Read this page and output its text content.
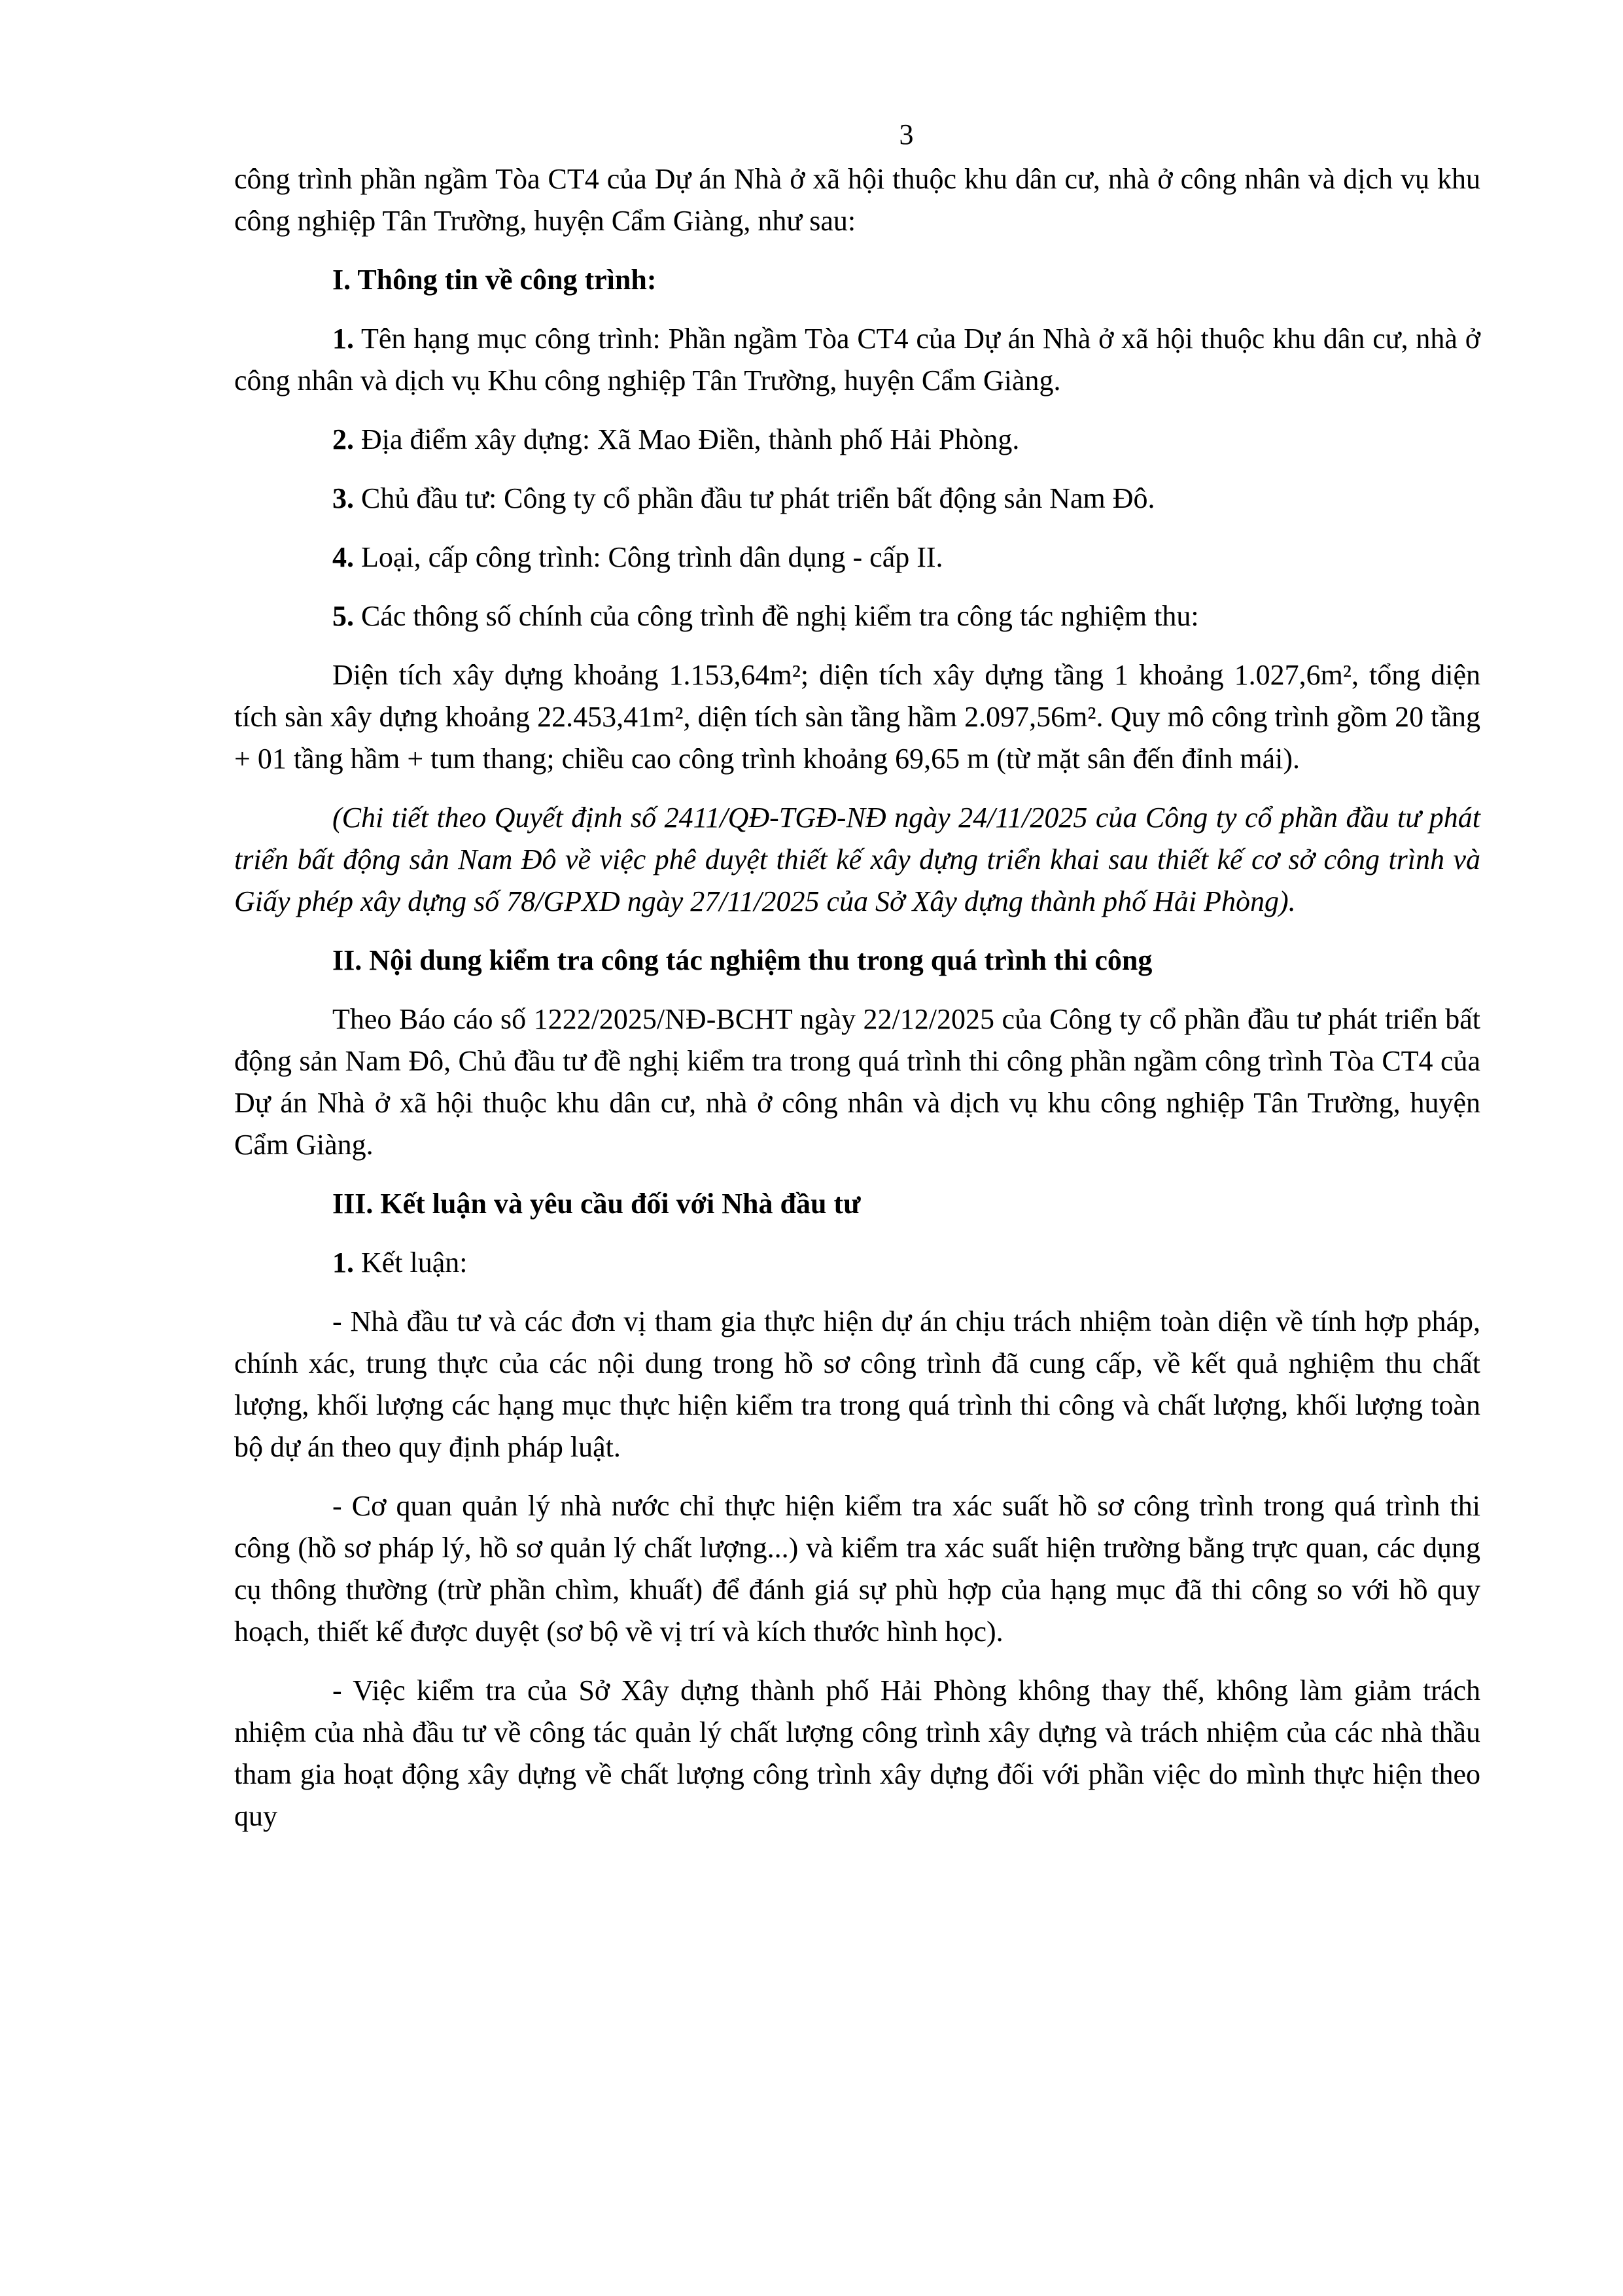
3

công trình phần ngầm Tòa CT4 của Dự án Nhà ở xã hội thuộc khu dân cư, nhà ở công nhân và dịch vụ khu công nghiệp Tân Trường, huyện Cẩm Giàng, như sau:

I. Thông tin về công trình:

1. Tên hạng mục công trình: Phần ngầm Tòa CT4 của Dự án Nhà ở xã hội thuộc khu dân cư, nhà ở công nhân và dịch vụ Khu công nghiệp Tân Trường, huyện Cẩm Giàng.

2. Địa điểm xây dựng: Xã Mao Điền, thành phố Hải Phòng.

3. Chủ đầu tư: Công ty cổ phần đầu tư phát triển bất động sản Nam Đô.

4. Loại, cấp công trình: Công trình dân dụng - cấp II.

5. Các thông số chính của công trình đề nghị kiểm tra công tác nghiệm thu:

Diện tích xây dựng khoảng 1.153,64m²; diện tích xây dựng tầng 1 khoảng 1.027,6m², tổng diện tích sàn xây dựng khoảng 22.453,41m², diện tích sàn tầng hầm 2.097,56m². Quy mô công trình gồm 20 tầng + 01 tầng hầm + tum thang; chiều cao công trình khoảng 69,65 m (từ mặt sân đến đỉnh mái).

(Chi tiết theo Quyết định số 2411/QĐ-TGĐ-NĐ ngày 24/11/2025 của Công ty cổ phần đầu tư phát triển bất động sản Nam Đô về việc phê duyệt thiết kế xây dựng triển khai sau thiết kế cơ sở công trình và Giấy phép xây dựng số 78/GPXD ngày 27/11/2025 của Sở Xây dựng thành phố Hải Phòng).

II. Nội dung kiểm tra công tác nghiệm thu trong quá trình thi công

Theo Báo cáo số 1222/2025/NĐ-BCHT ngày 22/12/2025 của Công ty cổ phần đầu tư phát triển bất động sản Nam Đô, Chủ đầu tư đề nghị kiểm tra trong quá trình thi công phần ngầm công trình Tòa CT4 của Dự án Nhà ở xã hội thuộc khu dân cư, nhà ở công nhân và dịch vụ khu công nghiệp Tân Trường, huyện Cẩm Giàng.

III. Kết luận và yêu cầu đối với Nhà đầu tư

1. Kết luận:

- Nhà đầu tư và các đơn vị tham gia thực hiện dự án chịu trách nhiệm toàn diện về tính hợp pháp, chính xác, trung thực của các nội dung trong hồ sơ công trình đã cung cấp, về kết quả nghiệm thu chất lượng, khối lượng các hạng mục thực hiện kiểm tra trong quá trình thi công và chất lượng, khối lượng toàn bộ dự án theo quy định pháp luật.

- Cơ quan quản lý nhà nước chỉ thực hiện kiểm tra xác suất hồ sơ công trình trong quá trình thi công (hồ sơ pháp lý, hồ sơ quản lý chất lượng...) và kiểm tra xác suất hiện trường bằng trực quan, các dụng cụ thông thường (trừ phần chìm, khuất) để đánh giá sự phù hợp của hạng mục đã thi công so với hồ quy hoạch, thiết kế được duyệt (sơ bộ về vị trí và kích thước hình học).

- Việc kiểm tra của Sở Xây dựng thành phố Hải Phòng không thay thế, không làm giảm trách nhiệm của nhà đầu tư về công tác quản lý chất lượng công trình xây dựng và trách nhiệm của các nhà thầu tham gia hoạt động xây dựng về chất lượng công trình xây dựng đối với phần việc do mình thực hiện theo quy
